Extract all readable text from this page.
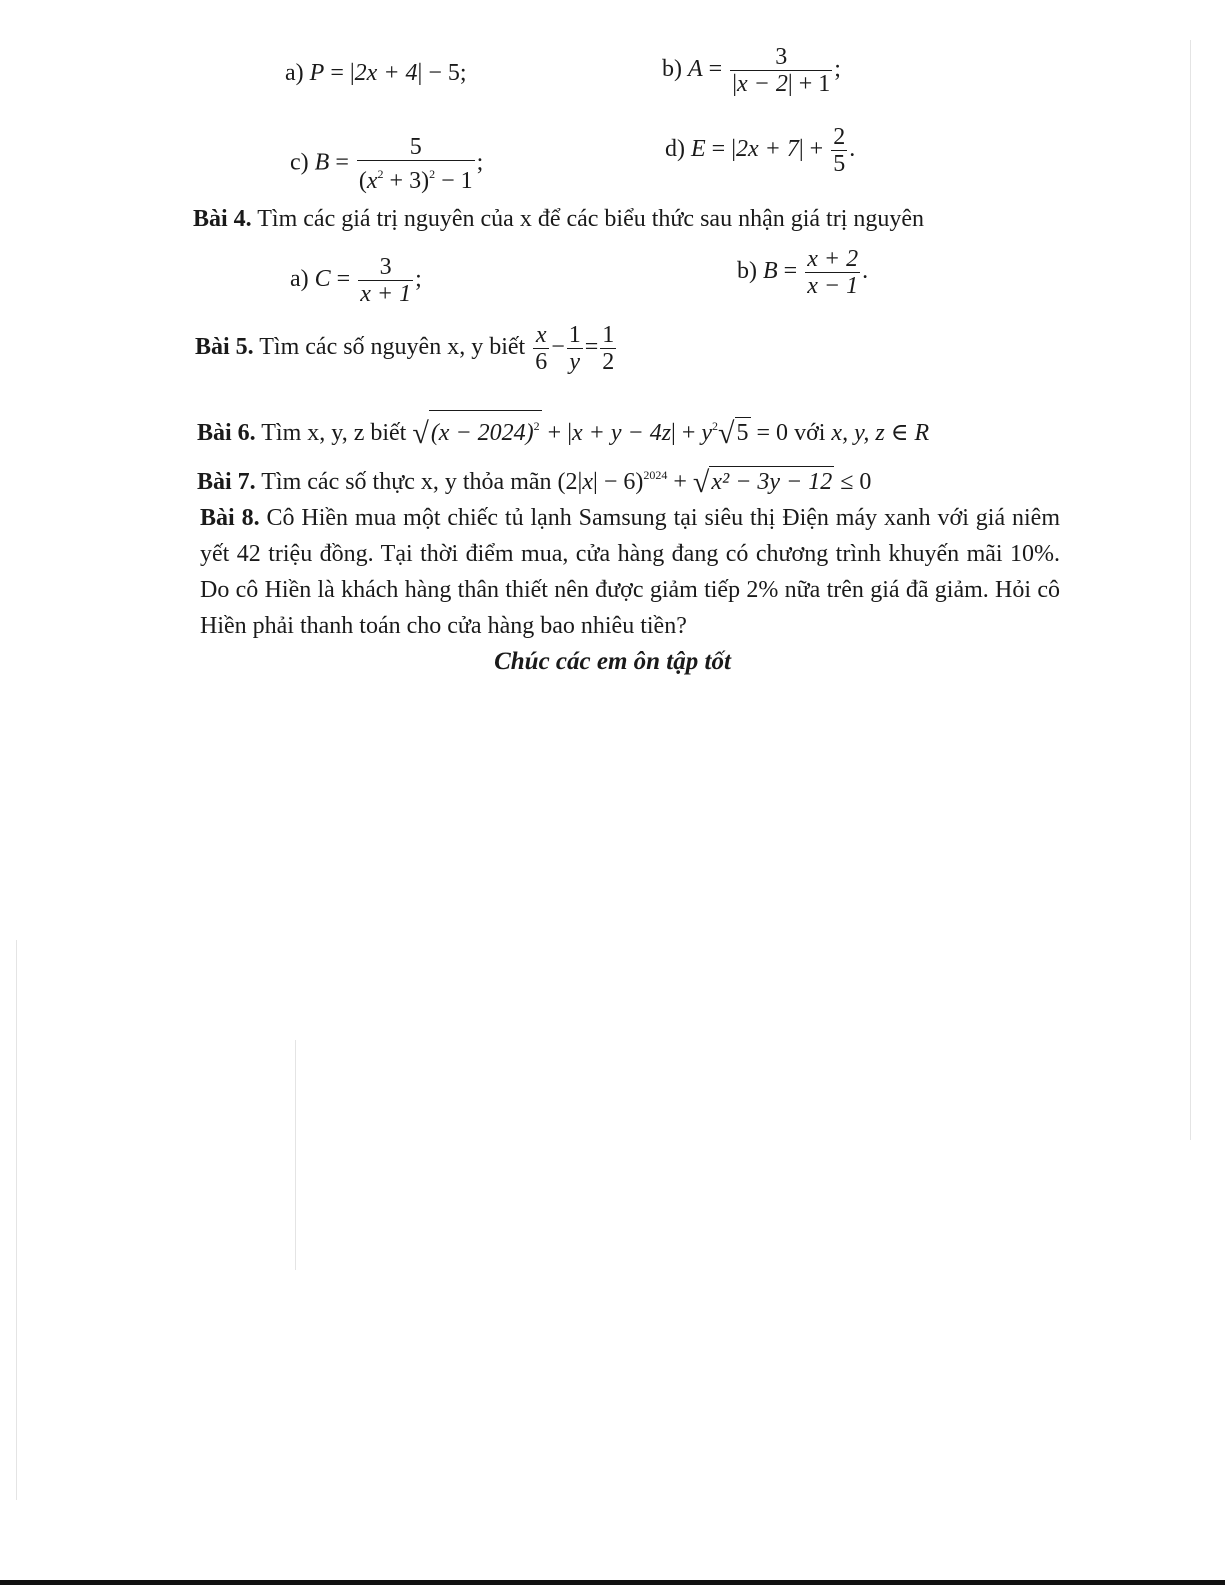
a) P = |2x + 4| − 5;	b) $A = \frac{3}{|x - 2| + 1}$ ;
c) $B = \frac{5}{(x^2 + 3)^2 - 1}$ ;
d) $E = |2x + 7| + \frac{2}{5}$ .
Bài 4. Tìm các giá trị nguyên của x để các biểu thức sau nhận giá trị nguyên
a) $C = \frac{3}{x + 1}$ ;	b) $B = \frac{x + 2}{x - 1}$ .
Bài 5. Tìm các số nguyên x, y biết $\frac{x}{6} - \frac{1}{y} = \frac{1}{2}$
Bài 6. Tìm x, y, z biết $√(x - 2024)^2 + |x + y - 4z| + y^2√5 = 0$ với x, y, z ∈ R
Bài 7. Tìm các số thực x, y thỏa mãn $(2|x| - 6)^{2024} + √x^2 - 3y - 12 \le 0$
Bài 8. Cô Hiền mua một chiếc tủ lạnh Samsung tại siêu thị Điện máy xanh với giá niêm yết 42 triệu đồng. Tại thời điểm mua, cửa hàng đang có chương trình khuyến mãi 10%. Do cô Hiền là khách hàng thân thiết nên được giảm tiếp 2% nữa trên giá đã giảm. Hỏi cô Hiền phải thanh toán cho cửa hàng bao nhiêu tiền?
Chúc các em ôn tập tốt
